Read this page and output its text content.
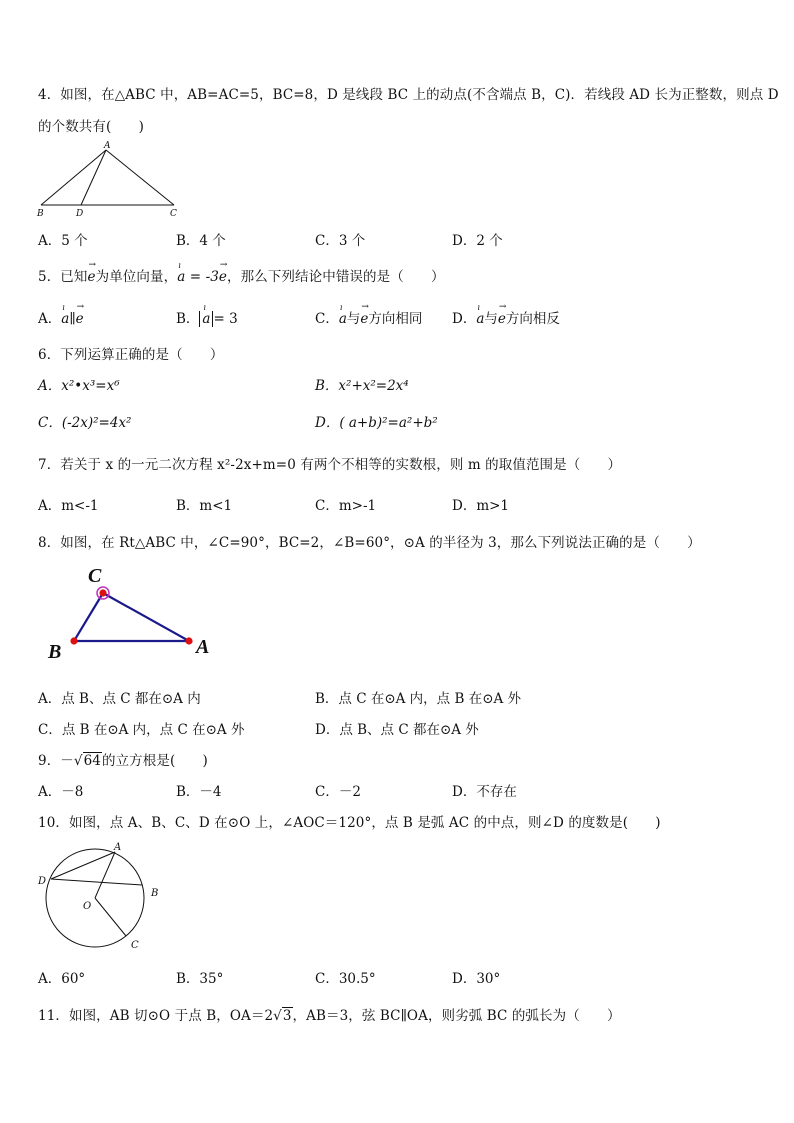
4．如图，在△ABC 中，AB=AC=5，BC=8，D 是线段 BC 上的动点(不含端点 B，C)．若线段 AD 长为正整数，则点 D
的个数共有(　　)
A
B	D	C
A．5 个	B．4 个	C．3 个	D．2 个
5．已知
→
e为单位向量，
ı
a = -3
→
e，那么下列结论中错误的是（　　）
A．
ı
a∥
→
e	B．
ı
a = 3	C．
ı
a与
→
e方向相同 D．
ı
a与
→
e方向相反
6．下列运算正确的是（　　）
A．x²•x³=x⁶	B．x²+x²=2x⁴
C．(-2x)²=4x²	D．( a+b)²=a²+b²
7．若关于 x 的一元二次方程 x²-2x+m=0 有两个不相等的实数根，则 m 的取值范围是（　　）
A．m<-1	B．m<1	C．m>-1	D．m>1
8．如图，在 Rt△ABC 中，∠C=90°，BC=2，∠B=60°，⊙A 的半径为 3，那么下列说法正确的是（　　）
C
B	A
A．点 B、点 C 都在⊙A 内	B．点 C 在⊙A 内，点 B 在⊙A 外
C．点 B 在⊙A 内，点 C 在⊙A 外	D．点 B、点 C 都在⊙A 外
9．－√64的立方根是(　　)
A．－8	B．－4	C．－2	D．不存在
10．如图，点 A、B、C、D 在⊙O 上，∠AOC＝120°，点 B 是弧 AC 的中点，则∠D 的度数是(　　)
A
B
C
D
O
A．60°	B．35°	C．30.5°	D．30°
11．如图，AB 切⊙O 于点 B，OA＝2√3，AB＝3，弦 BC∥OA，则劣弧 BC 的弧长为（　　）
